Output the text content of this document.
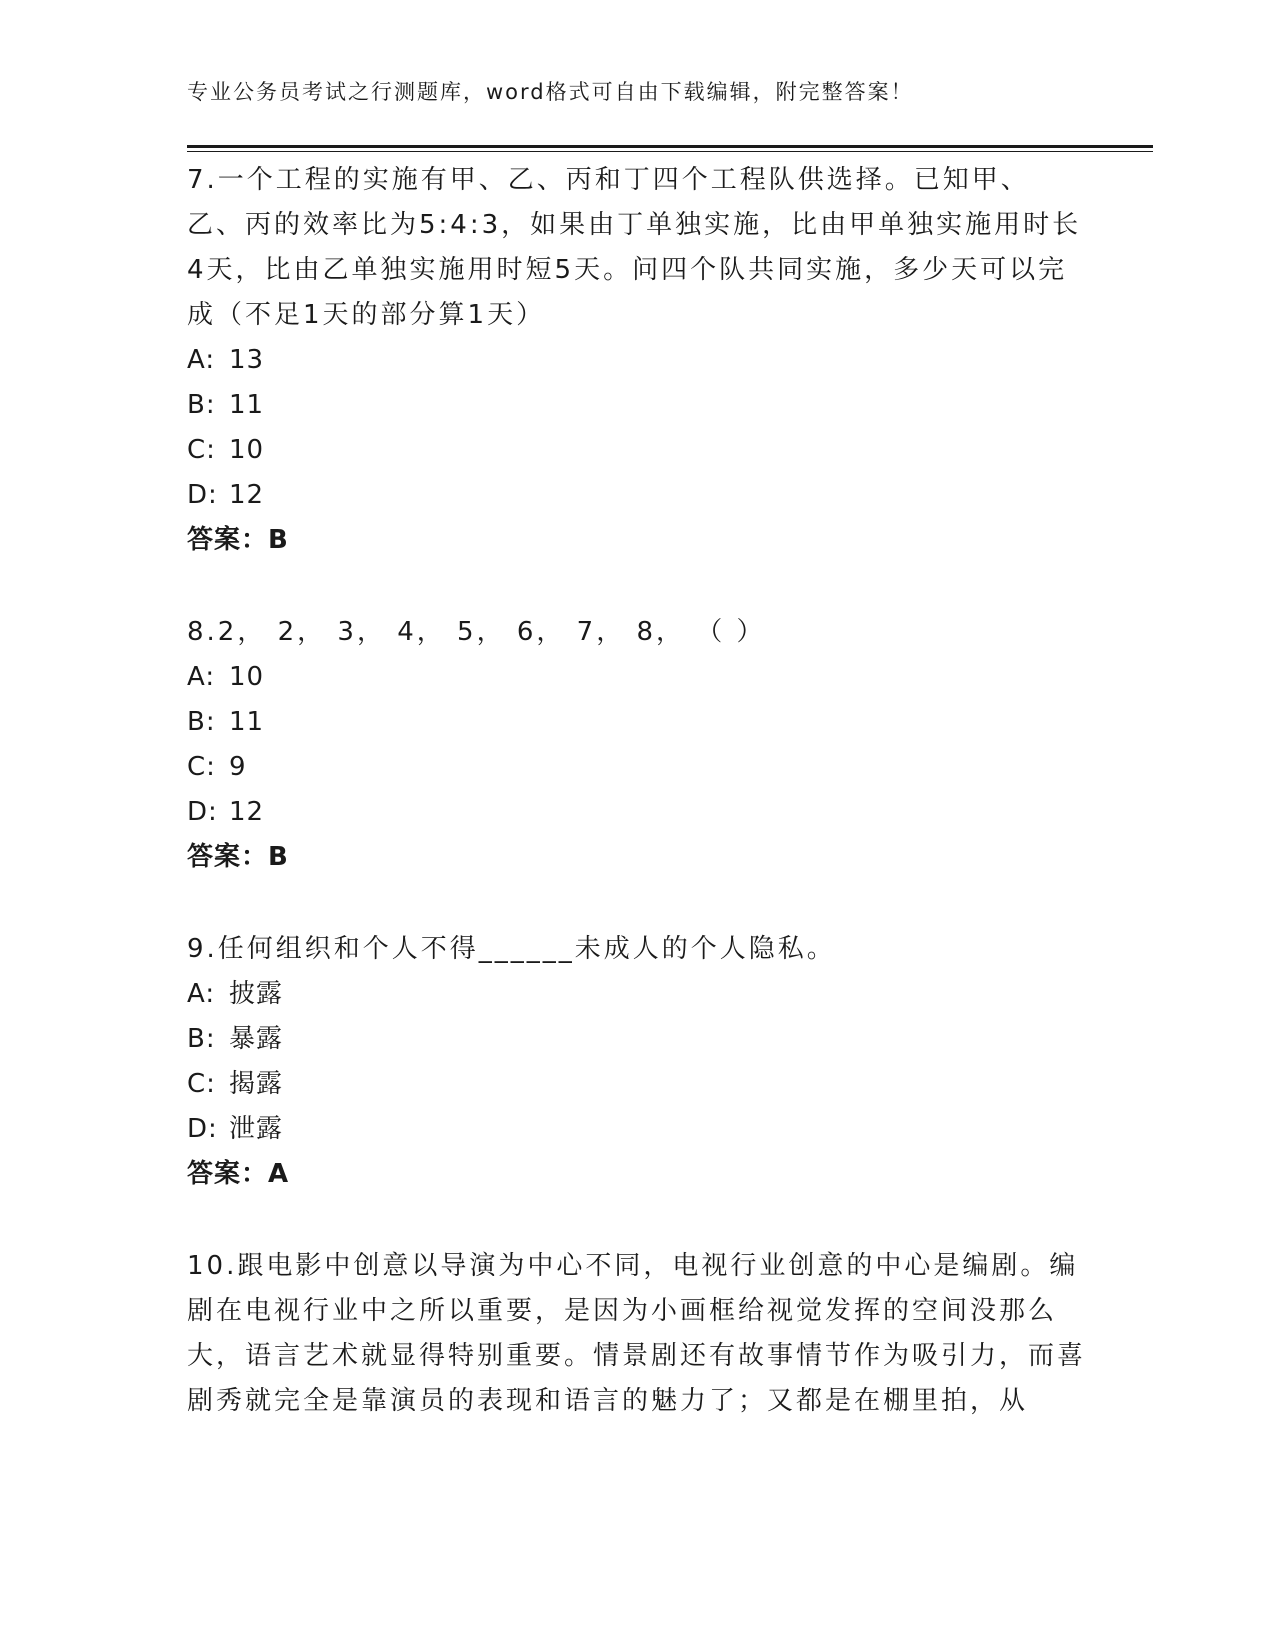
专业公务员考试之行测题库，word格式可自由下载编辑，附完整答案！

7.一个工程的实施有甲、乙、丙和丁四个工程队供选择。已知甲、乙、丙的效率比为5:4:3，如果由丁单独实施，比由甲单独实施用时长4天，比由乙单独实施用时短5天。问四个队共同实施，多少天可以完成（不足1天的部分算1天）

A: 13

B: 11

C: 10

D: 12

答案：B

8.2， 2， 3， 4， 5， 6， 7， 8， （ ）

A: 10

B: 11

C: 9

D: 12

答案：B

9.任何组织和个人不得______未成人的个人隐私。

A: 披露

B: 暴露

C: 揭露

D: 泄露

答案：A

10.跟电影中创意以导演为中心不同，电视行业创意的中心是编剧。编剧在电视行业中之所以重要，是因为小画框给视觉发挥的空间没那么大，语言艺术就显得特别重要。情景剧还有故事情节作为吸引力，而喜剧秀就完全是靠演员的表现和语言的魅力了；又都是在棚里拍，从
